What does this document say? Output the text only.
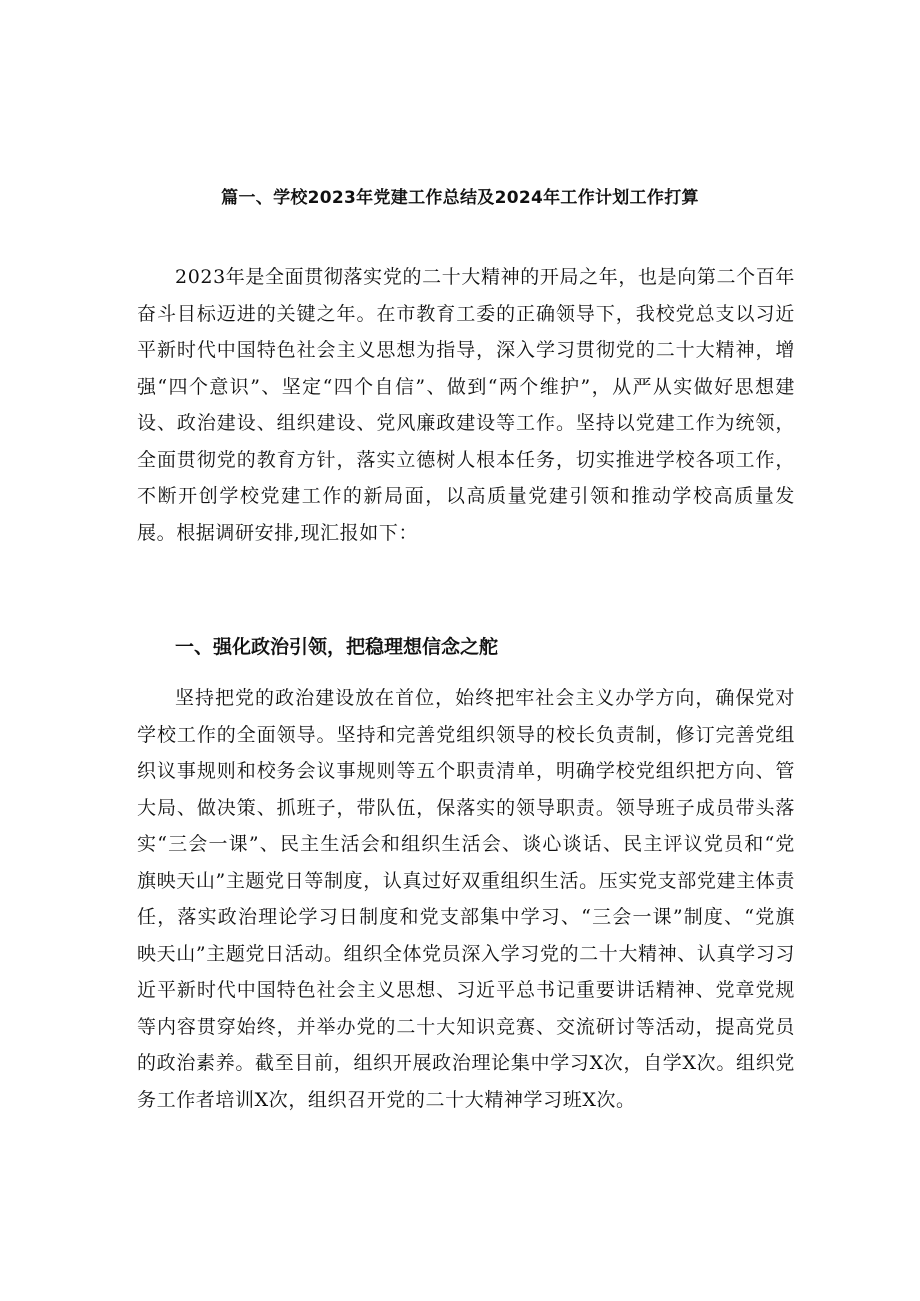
篇一、学校2023年党建工作总结及2024年工作计划工作打算

2023年是全面贯彻落实党的二十大精神的开局之年，也是向第二个百年奋斗目标迈进的关键之年。在市教育工委的正确领导下，我校党总支以习近平新时代中国特色社会主义思想为指导，深入学习贯彻党的二十大精神，增强“四个意识”、坚定“四个自信”、做到“两个维护”，从严从实做好思想建设、政治建设、组织建设、党风廉政建设等工作。坚持以党建工作为统领，全面贯彻党的教育方针，落实立德树人根本任务，切实推进学校各项工作，不断开创学校党建工作的新局面，以高质量党建引领和推动学校高质量发展。根据调研安排,现汇报如下：

一、强化政治引领，把稳理想信念之舵

坚持把党的政治建设放在首位，始终把牢社会主义办学方向，确保党对学校工作的全面领导。坚持和完善党组织领导的校长负责制，修订完善党组织议事规则和校务会议事规则等五个职责清单，明确学校党组织把方向、管大局、做决策、抓班子，带队伍，保落实的领导职责。领导班子成员带头落实“三会一课”、民主生活会和组织生活会、谈心谈话、民主评议党员和“党旗映天山”主题党日等制度，认真过好双重组织生活。压实党支部党建主体责任，落实政治理论学习日制度和党支部集中学习、“三会一课”制度、“党旗映天山”主题党日活动。组织全体党员深入学习党的二十大精神、认真学习习近平新时代中国特色社会主义思想、习近平总书记重要讲话精神、党章党规等内容贯穿始终，并举办党的二十大知识竞赛、交流研讨等活动，提高党员的政治素养。截至目前，组织开展政治理论集中学习X次，自学X次。组织党务工作者培训X次，组织召开党的二十大精神学习班X次。
